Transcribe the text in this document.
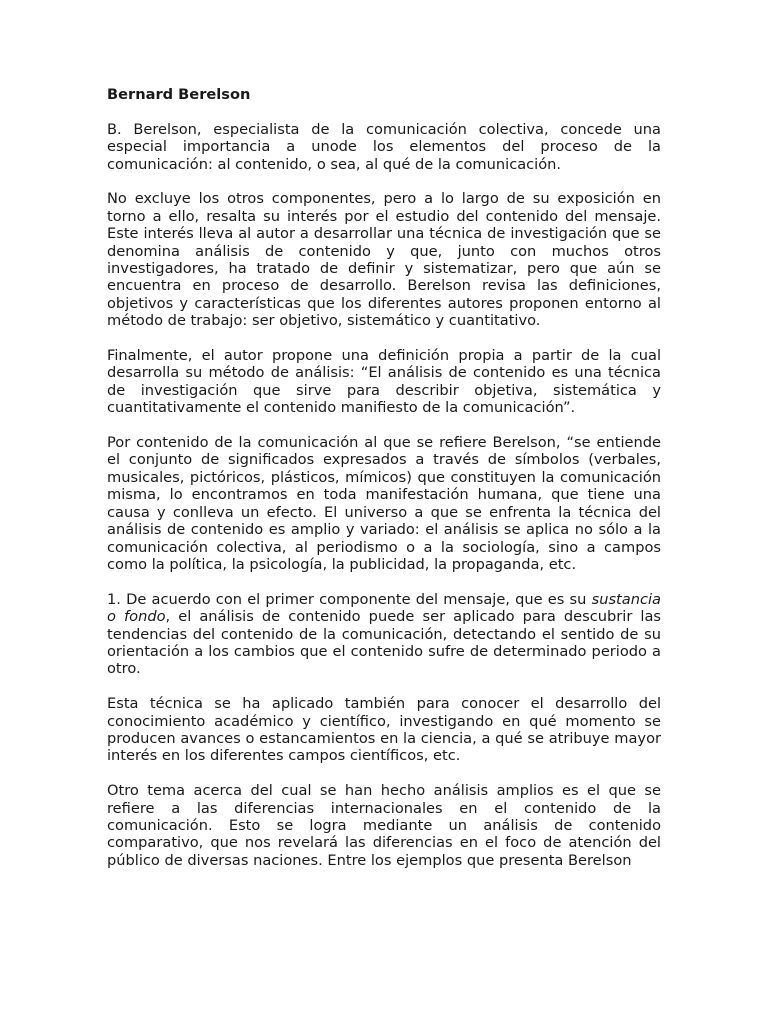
Bernard Berelson

B. Berelson, especialista de la comunicación colectiva, concede una especial importancia a unode los elementos del proceso de la comunicación: al contenido, o sea, al qué de la comunicación.

No excluye los otros componentes, pero a lo largo de su exposición en torno a ello, resalta su interés por el estudio del contenido del mensaje. Este interés lleva al autor a desarrollar una técnica de investigación que se denomina análisis de contenido y que, junto con muchos otros investigadores, ha tratado de definir y sistematizar, pero que aún se encuentra en proceso de desarrollo. Berelson revisa las definiciones, objetivos y características que los diferentes autores proponen entorno al método de trabajo: ser objetivo, sistemático y cuantitativo.

Finalmente, el autor propone una definición propia a partir de la cual desarrolla su método de análisis: “El análisis de contenido es una técnica de investigación que sirve para describir objetiva, sistemática y cuantitativamente el contenido manifiesto de la comunicación”.

Por contenido de la comunicación al que se refiere Berelson, “se entiende el conjunto de significados expresados a través de símbolos (verbales, musicales, pictóricos, plásticos, mímicos) que constituyen la comunicación misma, lo encontramos en toda manifestación humana, que tiene una causa y conlleva un efecto. El universo a que se enfrenta la técnica del análisis de contenido es amplio y variado: el análisis se aplica no sólo a la comunicación colectiva, al periodismo o a la sociología, sino a campos como la política, la psicología, la publicidad, la propaganda, etc.

1. De acuerdo con el primer componente del mensaje, que es su sustancia o fondo, el análisis de contenido puede ser aplicado para descubrir las tendencias del contenido de la comunicación, detectando el sentido de su orientación a los cambios que el contenido sufre de determinado periodo a otro.

Esta técnica se ha aplicado también para conocer el desarrollo del conocimiento académico y científico, investigando en qué momento se producen avances o estancamientos en la ciencia, a qué se atribuye mayor interés en los diferentes campos científicos, etc.

Otro tema acerca del cual se han hecho análisis amplios es el que se refiere a las diferencias internacionales en el contenido de la comunicación. Esto se logra mediante un análisis de contenido comparativo, que nos revelará las diferencias en el foco de atención del público de diversas naciones. Entre los ejemplos que presenta Berelson
